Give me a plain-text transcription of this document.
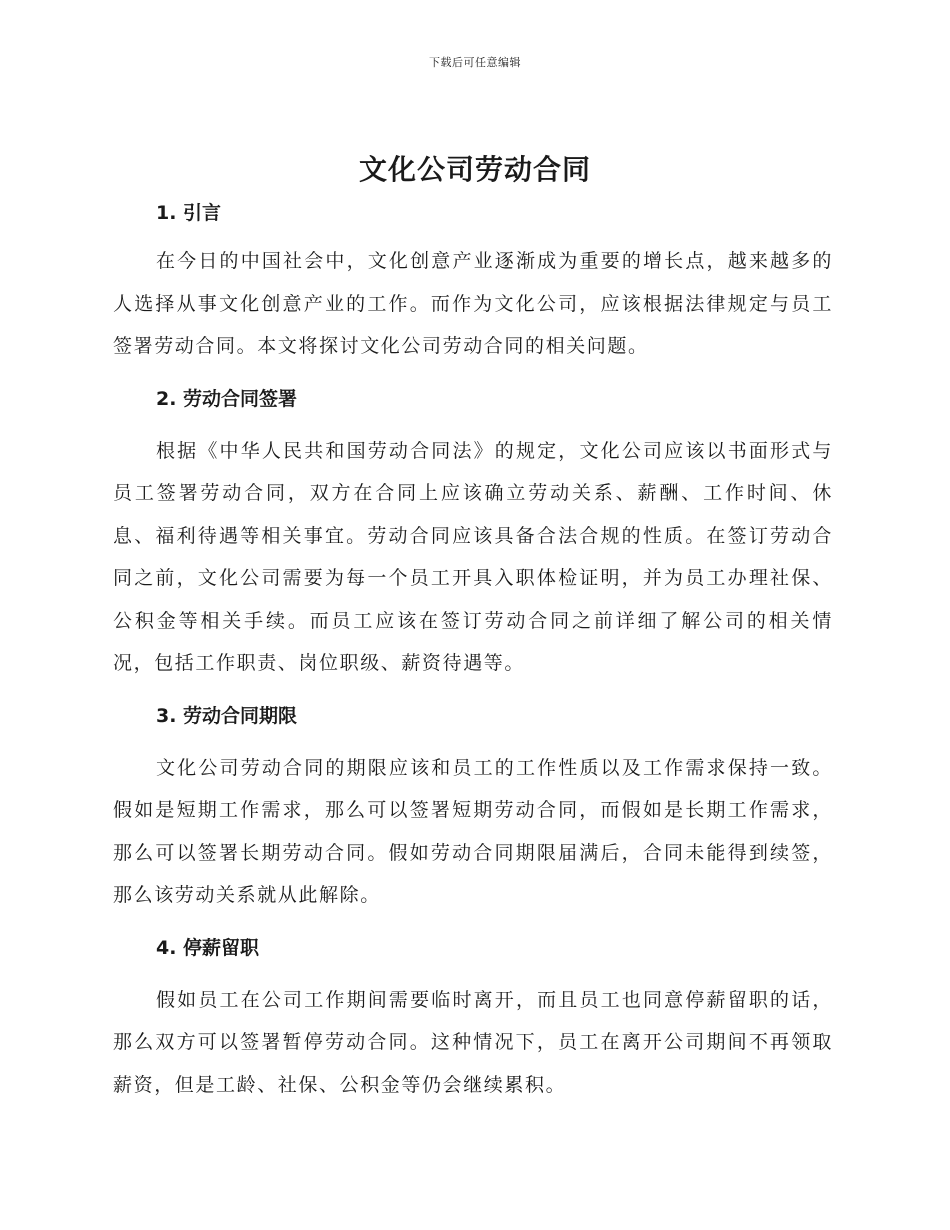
下载后可任意编辑
文化公司劳动合同
1. 引言

在今日的中国社会中，文化创意产业逐渐成为重要的增长点，越来越多的人选择从事文化创意产业的工作。而作为文化公司，应该根据法律规定与员工签署劳动合同。本文将探讨文化公司劳动合同的相关问题。

2. 劳动合同签署

根据《中华人民共和国劳动合同法》的规定，文化公司应该以书面形式与员工签署劳动合同，双方在合同上应该确立劳动关系、薪酬、工作时间、休息、福利待遇等相关事宜。劳动合同应该具备合法合规的性质。在签订劳动合同之前，文化公司需要为每一个员工开具入职体检证明，并为员工办理社保、公积金等相关手续。而员工应该在签订劳动合同之前详细了解公司的相关情况，包括工作职责、岗位职级、薪资待遇等。

3. 劳动合同期限

文化公司劳动合同的期限应该和员工的工作性质以及工作需求保持一致。假如是短期工作需求，那么可以签署短期劳动合同，而假如是长期工作需求，那么可以签署长期劳动合同。假如劳动合同期限届满后，合同未能得到续签，那么该劳动关系就从此解除。

4. 停薪留职

假如员工在公司工作期间需要临时离开，而且员工也同意停薪留职的话，那么双方可以签署暂停劳动合同。这种情况下，员工在离开公司期间不再领取薪资，但是工龄、社保、公积金等仍会继续累积。
